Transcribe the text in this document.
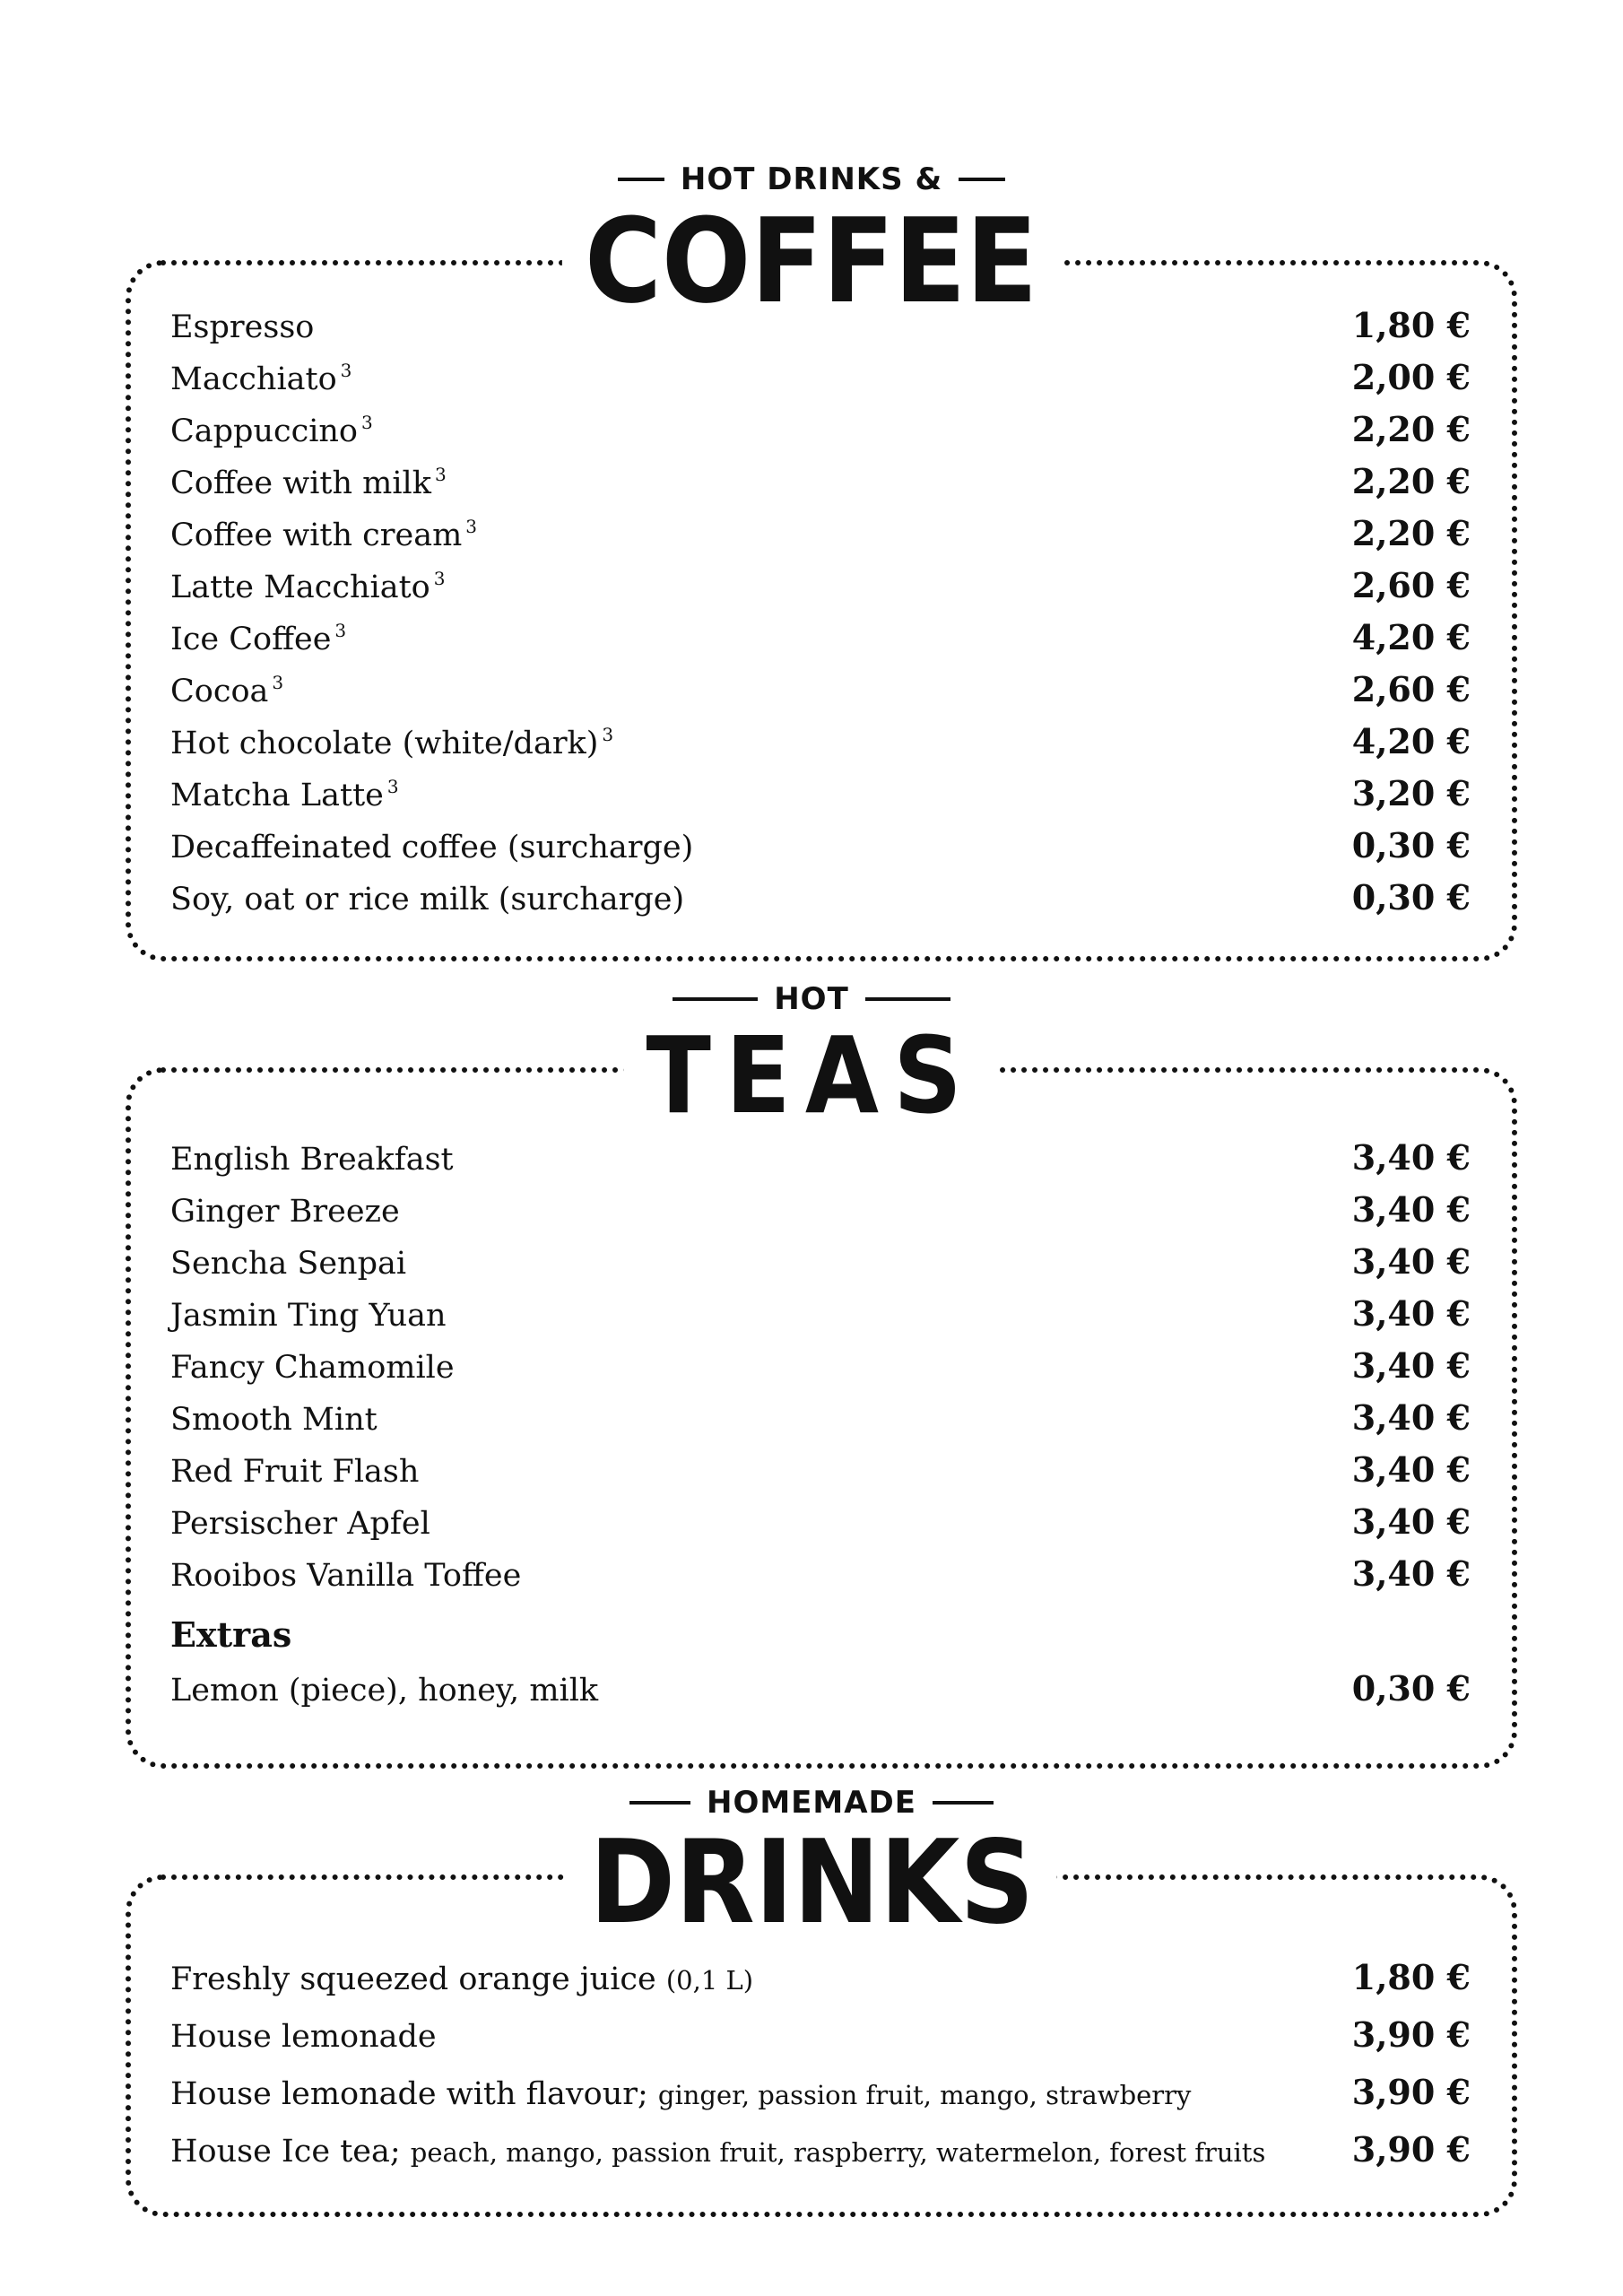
HOT DRINKS &
COFFEE
Espresso	1,80 €
Macchiato $^3$	2,00 €
Cappuccino $^3$	2,20 €
Coffee with milk $^3$	2,20 €
Coffee with cream $^3$	2,20 €
Latte Macchiato $^3$	2,60 €
Ice Coffee $^3$	4,20 €
Cocoa $^3$	2,60 €
Hot chocolate (white/dark) $^3$	4,20 €
Matcha Latte $^3$	3,20 €
Decaffeinated coffee (surcharge)	0,30 €
Soy, oat or rice milk (surcharge)	0,30 €
HOT
TEAS
English Breakfast	3,40 €
Ginger Breeze	3,40 €
Sencha Senpai	3,40 €
Jasmin Ting Yuan	3,40 €
Fancy Chamomile	3,40 €
Smooth Mint	3,40 €
Red Fruit Flash	3,40 €
Persischer Apfel	3,40 €
Rooibos Vanilla Toffee	3,40 €
Extras
Lemon (piece), honey, milk	0,30 €
HOMEMADE
DRINKS
Freshly squeezed orange juice (0,1 L)	1,80 €
House lemonade	3,90 €
House lemonade with flavour; ginger, passion fruit, mango, strawberry	3,90 €
House Ice tea; peach, mango, passion fruit, raspberry, watermelon, forest fruits	3,90 €
